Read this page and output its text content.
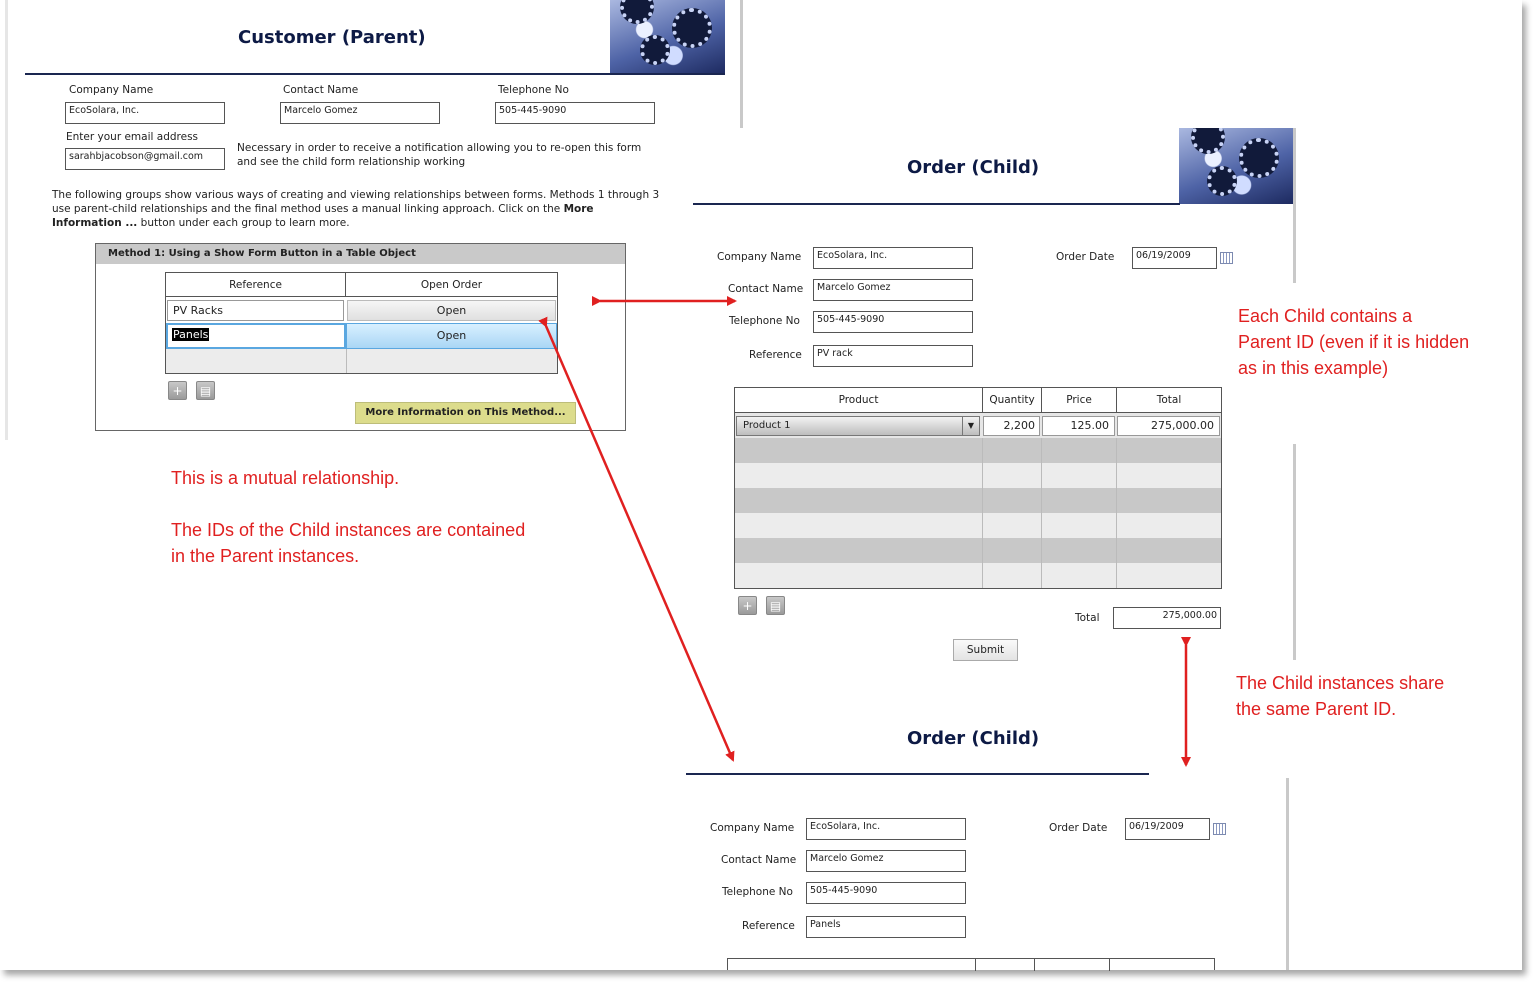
Customer (Parent)
Company Name
EcoSolara, Inc.
Contact Name
Marcelo Gomez
Telephone No
505-445-9090
Enter your email address
sarahbjacobson@gmail.com
Necessary in order to receive a notification allowing you to re-open this form and see the child form relationship working
The following groups show various ways of creating and viewing relationships between forms. Methods 1 through 3 use parent-child relationships and the final method uses a manual linking approach. Click on the More Information ... button under each group to learn more.
Method 1: Using a Show Form Button in a Table Object
Reference	Open Order
PV Racks	Open
Panels	Open
+	▤
More Information on This Method...
This is a mutual relationship.
The IDs of the Child instances are contained
in the Parent instances.
Order (Child)
Company Name	EcoSolara, Inc.
Contact Name	Marcelo Gomez
Telephone No	505-445-9090
Reference	PV rack
Order Date	06/19/2009
Product	Quantity	Price	Total
Product 1	▼	2,200	125.00	275,000.00
+	▤
Total	275,000.00
Submit
Each Child contains a
Parent ID (even if it is hidden
as in this example)
The Child instances share
the same Parent ID.
Order (Child)
Company Name	EcoSolara, Inc.
Contact Name	Marcelo Gomez
Telephone No	505-445-9090
Reference	Panels
Order Date	06/19/2009
